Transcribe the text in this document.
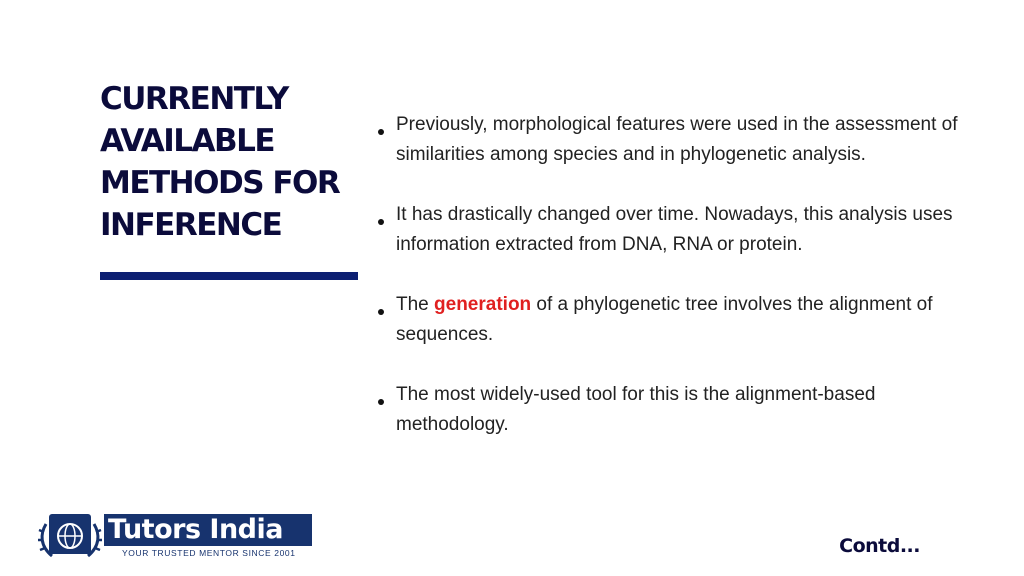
CURRENTLY
AVAILABLE
METHODS FOR
INFERENCE
Previously, morphological features were used in the assessment of similarities among species and in phylogenetic analysis.
It has drastically changed over time. Nowadays, this analysis uses information extracted from DNA, RNA or protein.
The generation of a phylogenetic tree involves the alignment of sequences.
The most widely-used tool for this is the alignment-based methodology.
Tutors India
YOUR TRUSTED MENTOR SINCE 2001	Contd...
